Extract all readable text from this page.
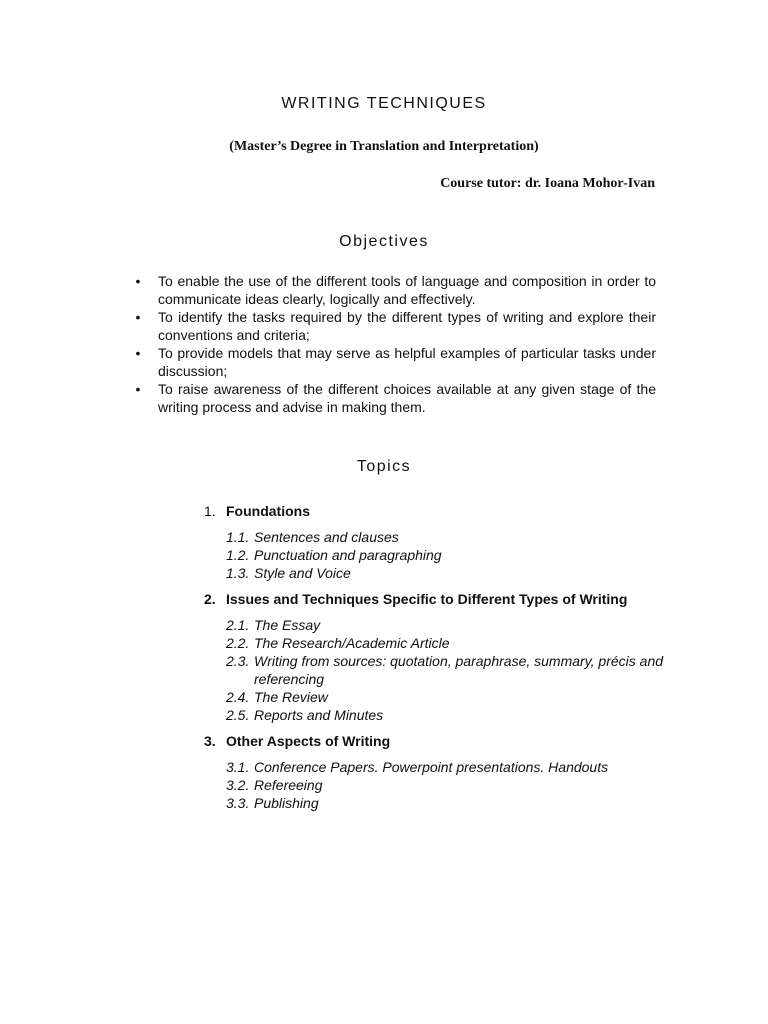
WRITING TECHNIQUES
(Master’s Degree in Translation and Interpretation)
Course tutor: dr. Ioana Mohor-Ivan
Objectives
• To enable the use of the different tools of language and composition in order to communicate ideas clearly, logically and effectively.
• To identify the tasks required by the different types of writing and explore their conventions and criteria;
• To provide models that may serve as helpful examples of particular tasks under discussion;
• To raise awareness of the different choices available at any given stage of the writing process and advise in making them.
Topics
1. Foundations
1.1. Sentences and clauses
1.2. Punctuation and paragraphing
1.3. Style and Voice
2. Issues and Techniques Specific to Different Types of Writing
2.1. The Essay
2.2. The Research/Academic Article
2.3. Writing from sources: quotation, paraphrase, summary, précis and referencing
2.4. The Review
2.5. Reports and Minutes
3. Other Aspects of Writing
3.1. Conference Papers. Powerpoint presentations. Handouts
3.2. Refereeing
3.3. Publishing
